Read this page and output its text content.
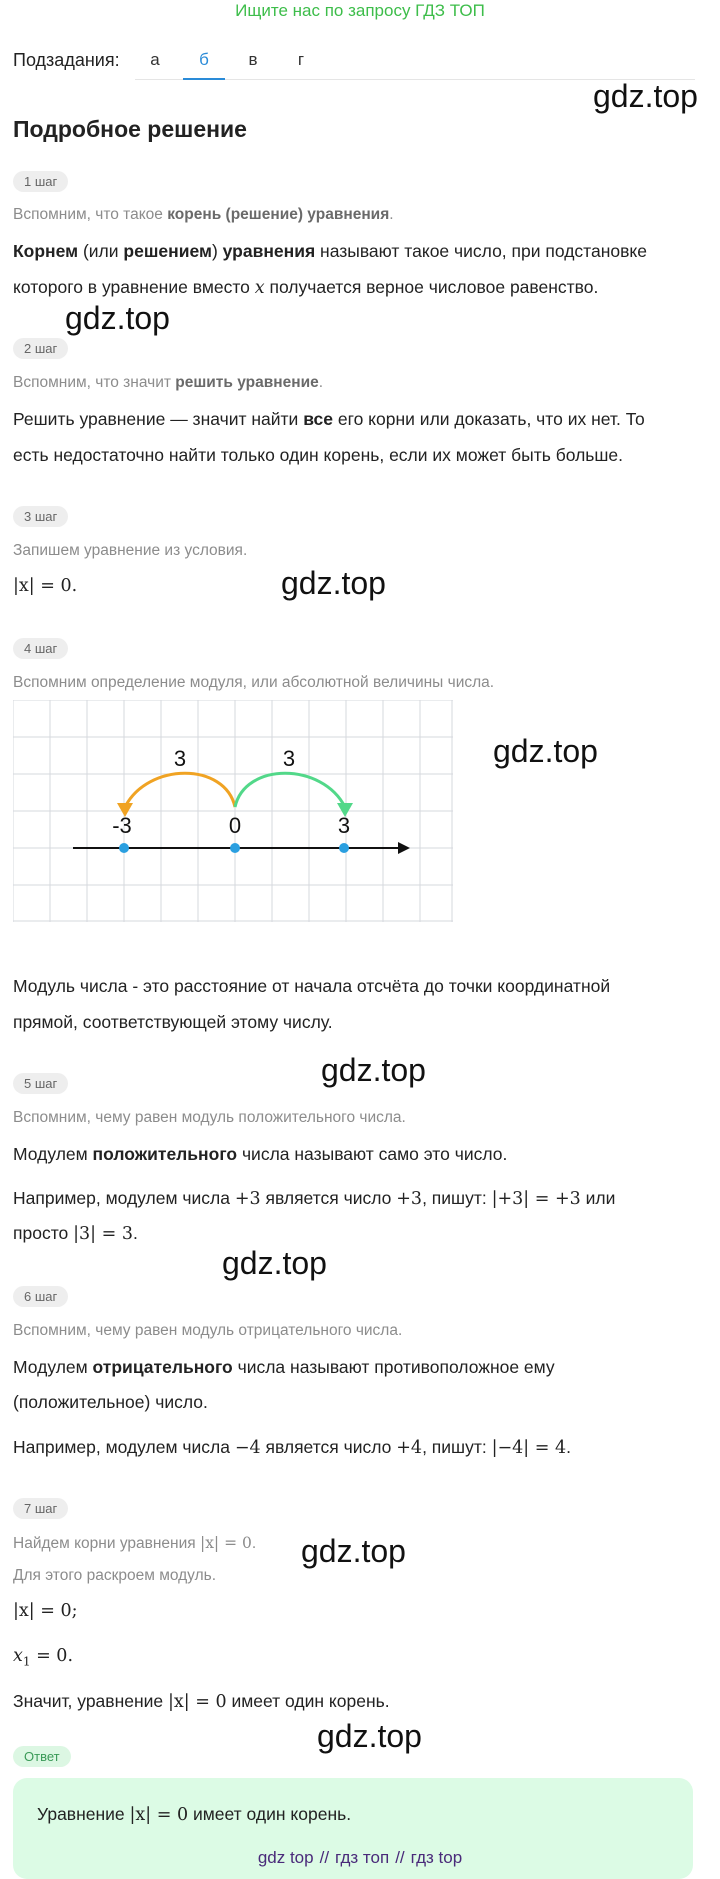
Ищите нас по запросу ГДЗ ТОП
Подзадания:	а	б	в	г
gdz.top
gdz.top
gdz.top
gdz.top
gdz.top
gdz.top
gdz.top
gdz.top
Подробное решение
1 шаг
Вспомним, что такое корень (решение) уравнения.
Корнем (или решением) уравнения называют такое число, при подстановке
которого в уравнение вместо x получается верное числовое равенство.
2 шаг
Вспомним, что значит решить уравнение.
Решить уравнение — значит найти все его корни или доказать, что их нет. То
есть недостаточно найти только один корень, если их может быть больше.
3 шаг
Запишем уравнение из условия.
|x| = 0.
4 шаг
Вспомним определение модуля, или абсолютной величины числа.
-3	0	3
3	3
Модуль числа - это расстояние от начала отсчёта до точки координатной
прямой, соответствующей этому числу.
5 шаг
Вспомним, чему равен модуль положительного числа.
Модулем положительного числа называют само это число.
Например, модулем числа +3 является число +3, пишут: |+3| = +3 или
просто |3| = 3.
6 шаг
Вспомним, чему равен модуль отрицательного числа.
Модулем отрицательного числа называют противоположное ему
(положительное) число.
Например, модулем числа −4 является число +4, пишут: |−4| = 4.
7 шаг
Найдем корни уравнения |x| = 0.
Для этого раскроем модуль.
|x| = 0;
$x_1 = 0$.
Значит, уравнение |x| = 0 имеет один корень.
Ответ
Уравнение |x| = 0 имеет один корень.
gdz top // гдз топ // гдз top
